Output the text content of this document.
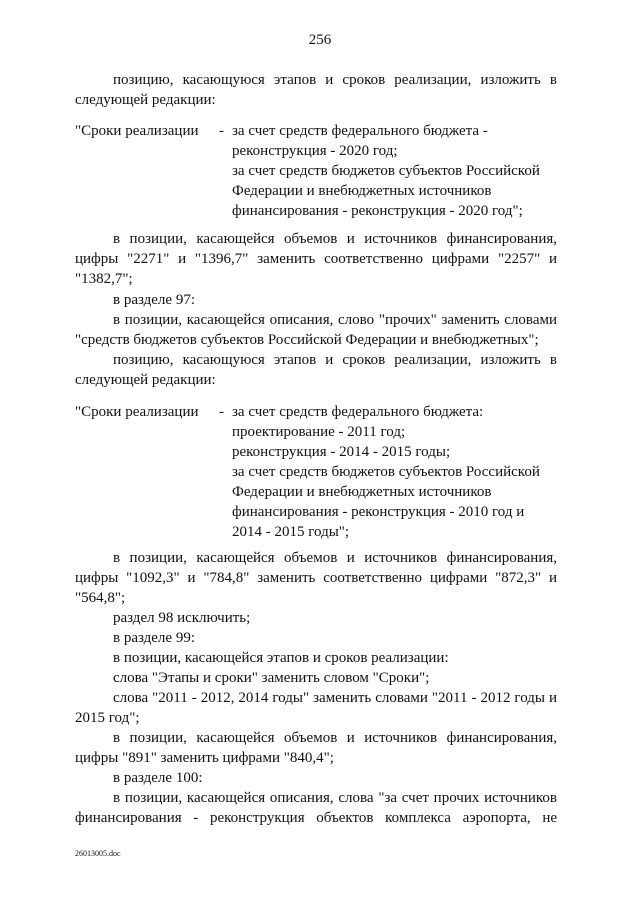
256
позицию, касающуюся этапов и сроков реализации, изложить в
следующей редакции:
"Сроки реализации - за счет средств федерального бюджета -
реконструкция - 2020 год;
за счет средств бюджетов субъектов Российской
Федерации и внебюджетных источников
финансирования - реконструкция - 2020 год";
в позиции, касающейся объемов и источников финансирования,
цифры "2271" и "1396,7" заменить соответственно цифрами "2257" и
"1382,7";
в разделе 97:
в позиции, касающейся описания, слово "прочих" заменить словами
"средств бюджетов субъектов Российской Федерации и внебюджетных";
позицию, касающуюся этапов и сроков реализации, изложить в
следующей редакции:
"Сроки реализации - за счет средств федерального бюджета:
проектирование - 2011 год;
реконструкция - 2014 - 2015 годы;
за счет средств бюджетов субъектов Российской
Федерации и внебюджетных источников
финансирования - реконструкция - 2010 год и
2014 - 2015 годы";
в позиции, касающейся объемов и источников финансирования,
цифры "1092,3" и "784,8" заменить соответственно цифрами "872,3" и
"564,8";
раздел 98 исключить;
в разделе 99:
в позиции, касающейся этапов и сроков реализации:
слова "Этапы и сроки" заменить словом "Сроки";
слова "2011 - 2012, 2014 годы" заменить словами "2011 - 2012 годы и
2015 год";
в позиции, касающейся объемов и источников финансирования,
цифры "891" заменить цифрами "840,4";
в разделе 100:
в позиции, касающейся описания, слова "за счет прочих источников
финансирования - реконструкция объектов комплекса аэропорта, не
26013005.doc
